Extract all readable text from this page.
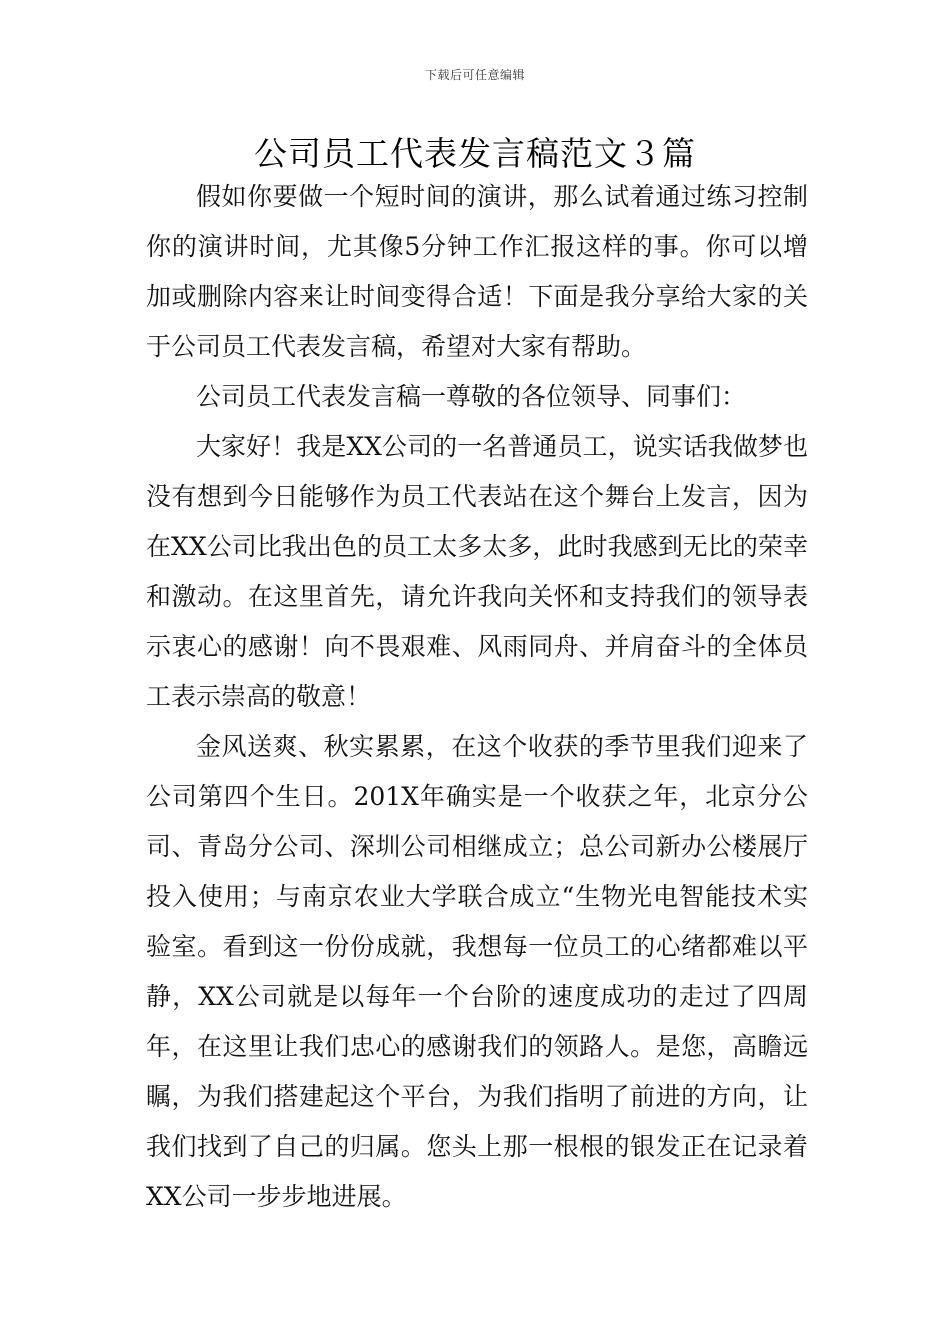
下载后可任意编辑
公司员工代表发言稿范文３篇

假如你要做一个短时间的演讲，那么试着通过练习控制你的演讲时间，尤其像5分钟工作汇报这样的事。你可以增加或删除内容来让时间变得合适！下面是我分享给大家的关于公司员工代表发言稿，希望对大家有帮助。

公司员工代表发言稿一尊敬的各位领导、同事们：

大家好！我是XX公司的一名普通员工，说实话我做梦也没有想到今日能够作为员工代表站在这个舞台上发言，因为在XX公司比我出色的员工太多太多，此时我感到无比的荣幸和激动。在这里首先，请允许我向关怀和支持我们的领导表示衷心的感谢！向不畏艰难、风雨同舟、并肩奋斗的全体员工表示崇高的敬意！

金风送爽、秋实累累，在这个收获的季节里我们迎来了公司第四个生日。201X年确实是一个收获之年，北京分公司、青岛分公司、深圳公司相继成立；总公司新办公楼展厅投入使用；与南京农业大学联合成立“生物光电智能技术实验室。看到这一份份成就，我想每一位员工的心绪都难以平静，XX公司就是以每年一个台阶的速度成功的走过了四周年，在这里让我们忠心的感谢我们的领路人。是您，高瞻远瞩，为我们搭建起这个平台，为我们指明了前进的方向，让我们找到了自己的归属。您头上那一根根的银发正在记录着XX公司一步步地进展。
